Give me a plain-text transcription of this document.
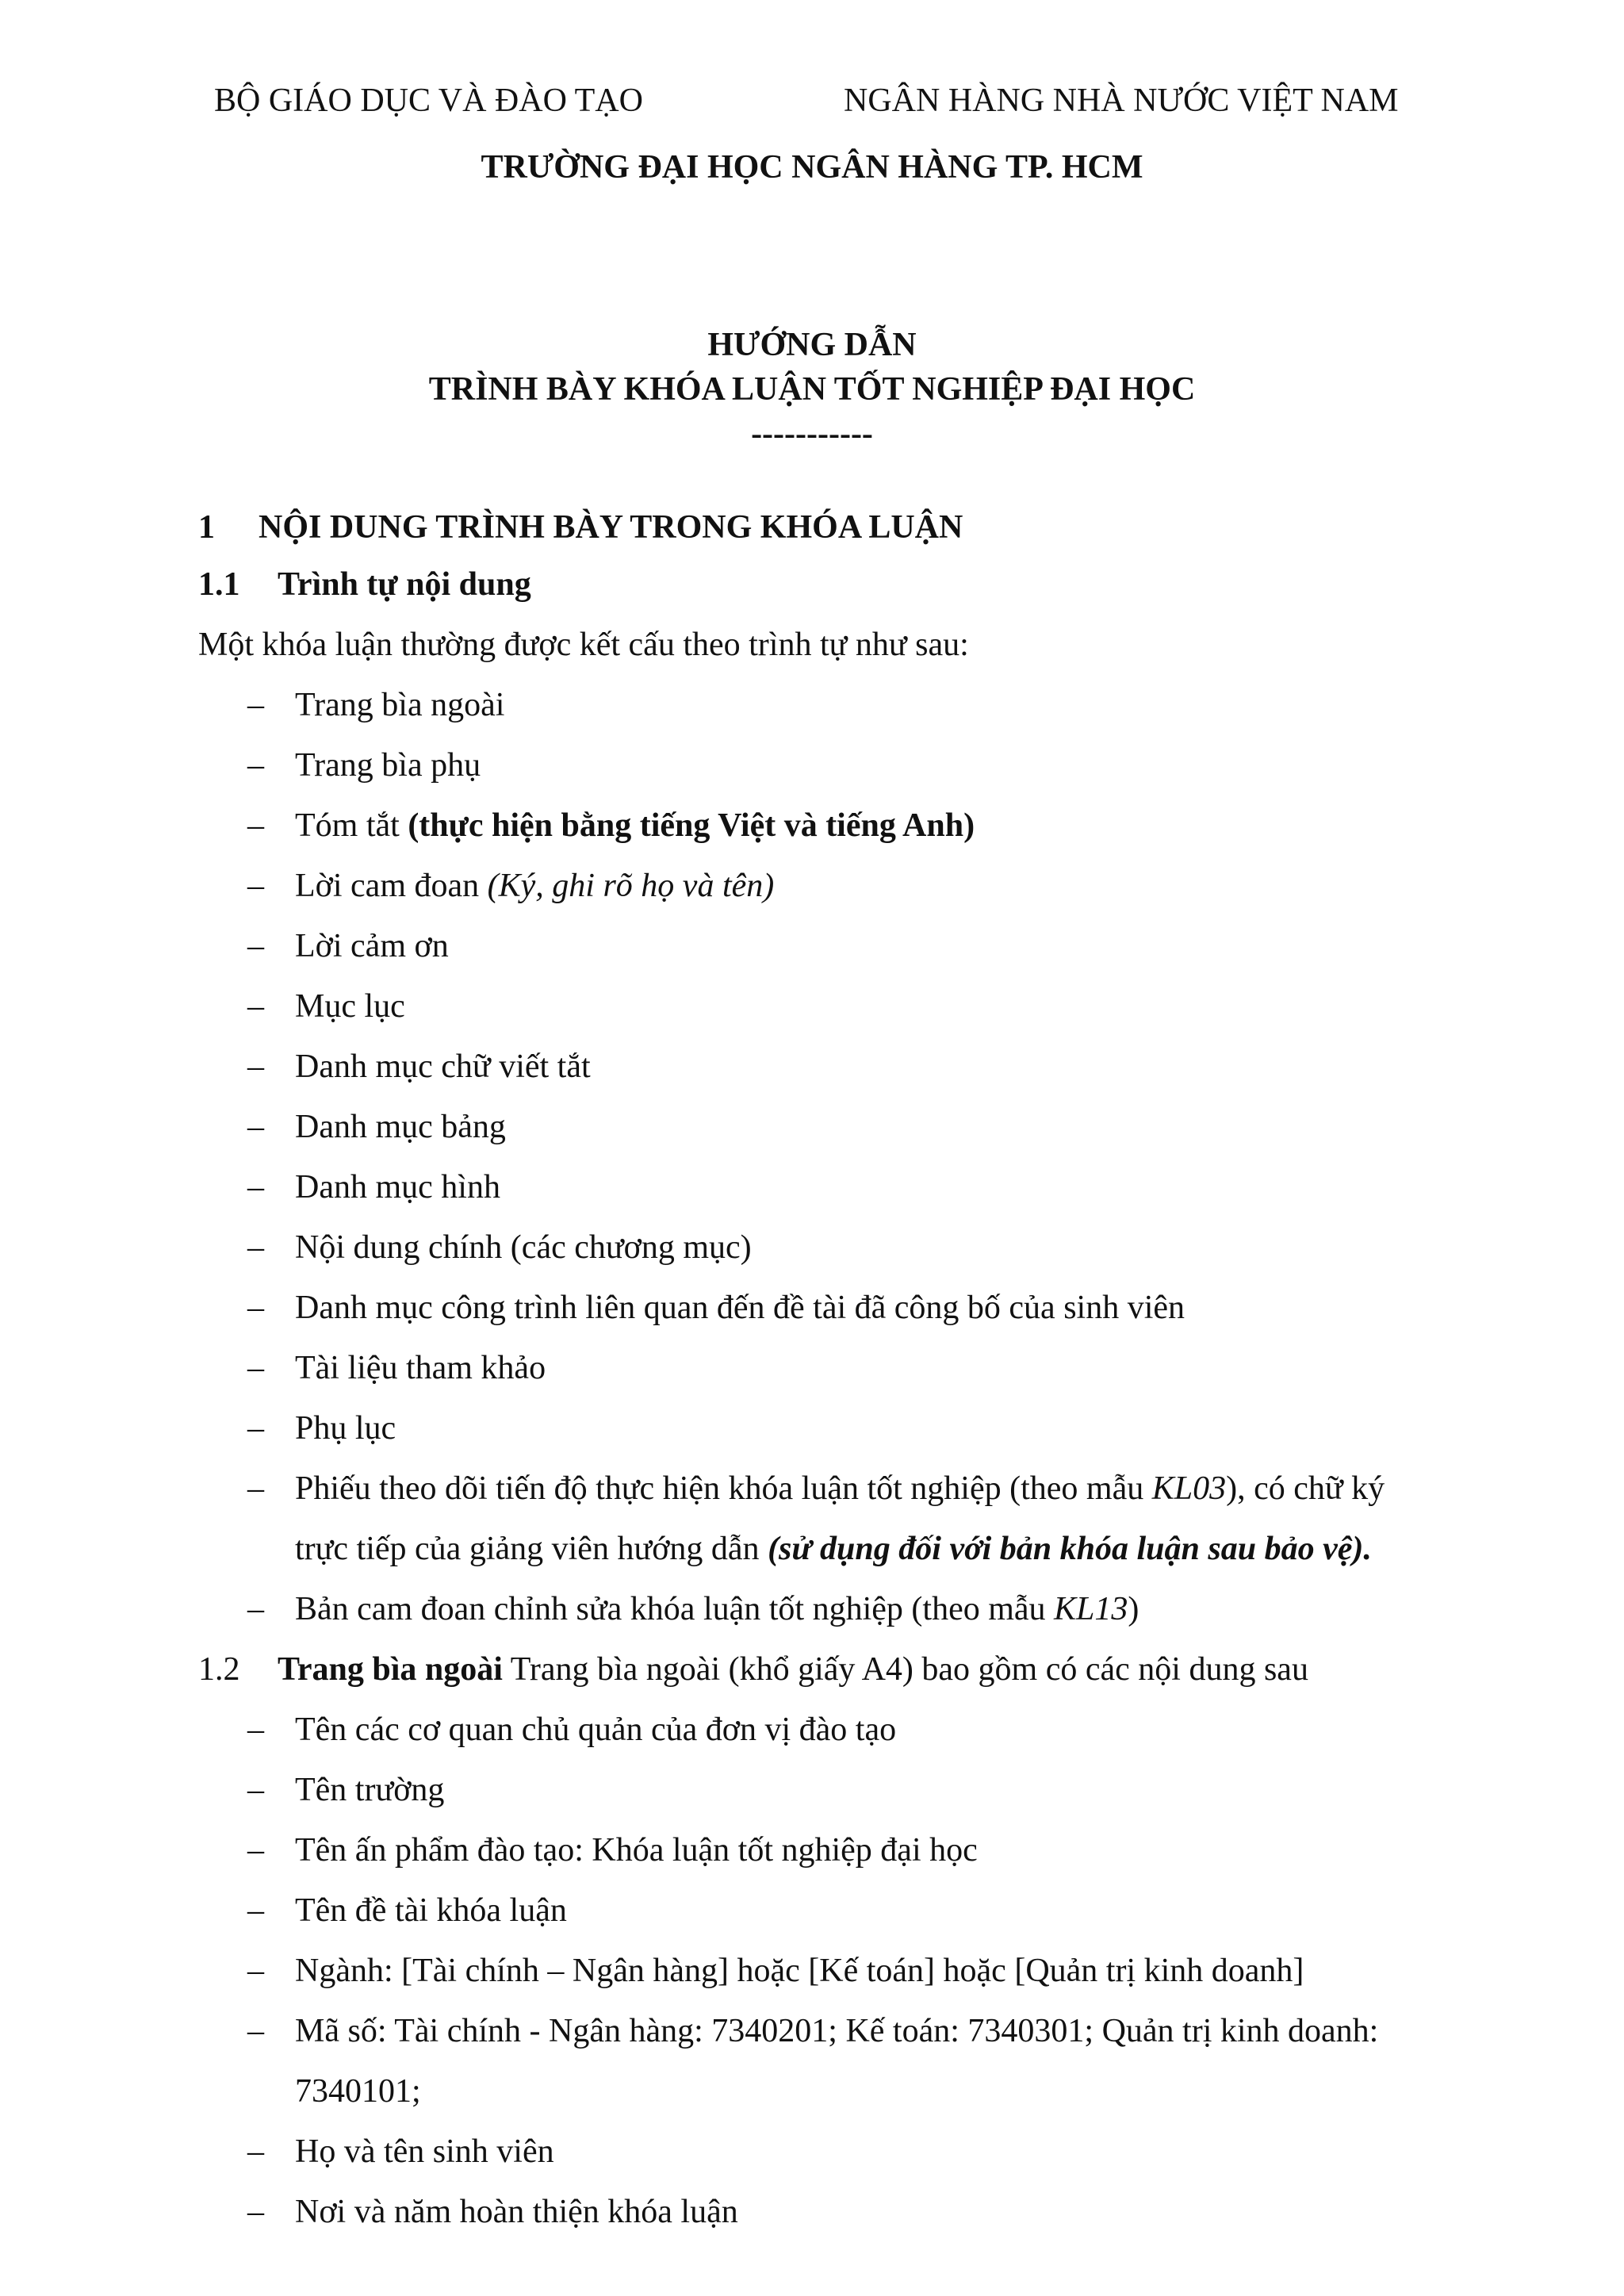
BỘ GIÁO DỤC VÀ ĐÀO TẠO	NGÂN HÀNG NHÀ NƯỚC VIỆT NAM
TRƯỜNG ĐẠI HỌC NGÂN HÀNG TP. HCM
HƯỚNG DẪN
TRÌNH BÀY KHÓA LUẬN TỐT NGHIỆP ĐẠI HỌC
-----------
1 NỘI DUNG TRÌNH BÀY TRONG KHÓA LUẬN
1.1 Trình tự nội dung
Một khóa luận thường được kết cấu theo trình tự như sau:
– Trang bìa ngoài
– Trang bìa phụ
– Tóm tắt (thực hiện bằng tiếng Việt và tiếng Anh)
– Lời cam đoan (Ký, ghi rõ họ và tên)
– Lời cảm ơn
– Mục lục
– Danh mục chữ viết tắt
– Danh mục bảng
– Danh mục hình
– Nội dung chính (các chương mục)
– Danh mục công trình liên quan đến đề tài đã công bố của sinh viên
– Tài liệu tham khảo
– Phụ lục
– Phiếu theo dõi tiến độ thực hiện khóa luận tốt nghiệp (theo mẫu KL03), có chữ ký
trực tiếp của giảng viên hướng dẫn (sử dụng đối với bản khóa luận sau bảo vệ).
– Bản cam đoan chỉnh sửa khóa luận tốt nghiệp (theo mẫu KL13)
1.2 Trang bìa ngoài Trang bìa ngoài (khổ giấy A4) bao gồm có các nội dung sau
– Tên các cơ quan chủ quản của đơn vị đào tạo
– Tên trường
– Tên ấn phẩm đào tạo: Khóa luận tốt nghiệp đại học
– Tên đề tài khóa luận
– Ngành: [Tài chính – Ngân hàng] hoặc [Kế toán] hoặc [Quản trị kinh doanh]
– Mã số: Tài chính - Ngân hàng: 7340201; Kế toán: 7340301; Quản trị kinh doanh:
7340101;
– Họ và tên sinh viên
– Nơi và năm hoàn thiện khóa luận
